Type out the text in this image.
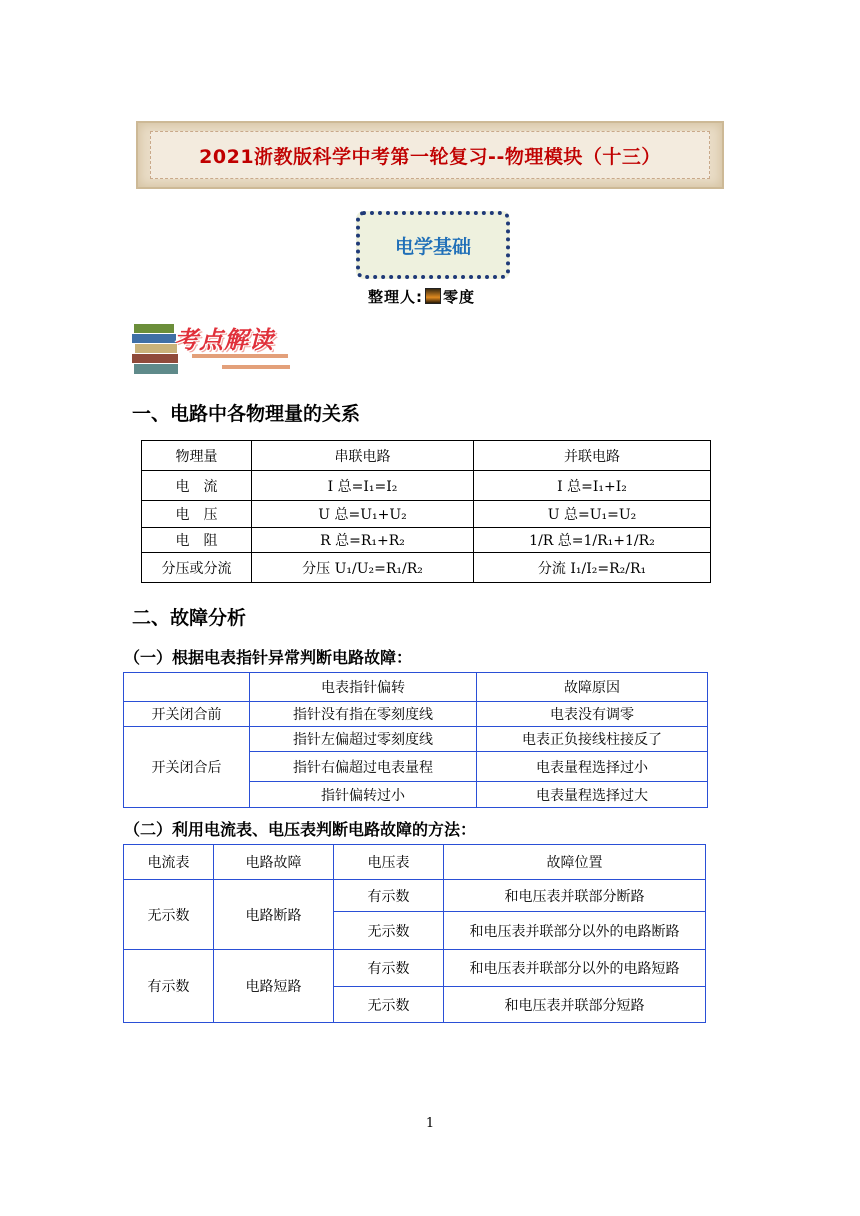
2021浙教版科学中考第一轮复习--物理模块（十三）
电学基础
整理人: 零度
考点解读
一、电路中各物理量的关系
物理量	串联电路	并联电路
电　流	I 总=I₁=I₂	I 总=I₁+I₂
电　压	U 总=U₁+U₂	U 总=U₁=U₂
电　阻	R 总=R₁+R₂	1/R 总=1/R₁+1/R₂
分压或分流	分压 U₁/U₂=R₁/R₂	分流 I₁/I₂=R₂/R₁
二、故障分析
（一）根据电表指针异常判断电路故障：
	电表指针偏转	故障原因
开关闭合前	指针没有指在零刻度线	电表没有调零
开关闭合后	指针左偏超过零刻度线	电表正负接线柱接反了
	指针右偏超过电表量程	电表量程选择过小
	指针偏转过小	电表量程选择过大
（二）利用电流表、电压表判断电路故障的方法：
电流表	电路故障	电压表	故障位置
无示数	电路断路	有示数	和电压表并联部分断路
		无示数	和电压表并联部分以外的电路断路
有示数	电路短路	有示数	和电压表并联部分以外的电路短路
		无示数	和电压表并联部分短路
1
